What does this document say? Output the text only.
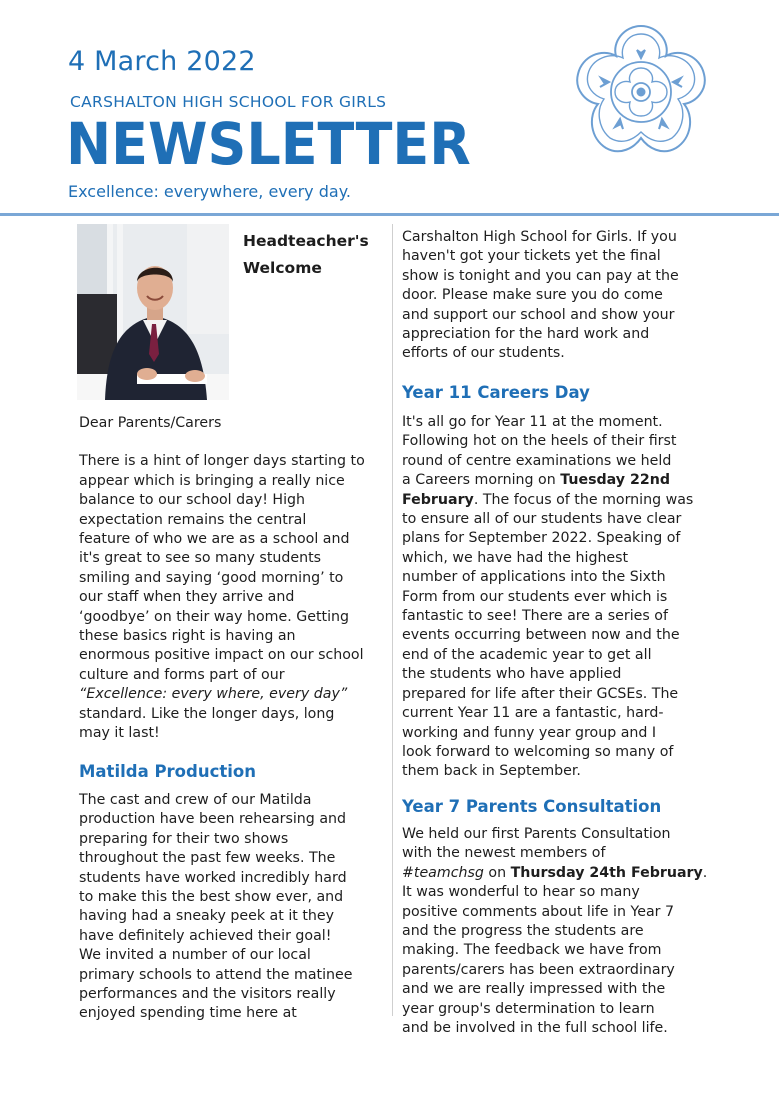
4 March 2022
CARSHALTON HIGH SCHOOL FOR GIRLS
NEWSLETTER
Excellence: everywhere, every day.
Headteacher's
Welcome

Dear Parents/Carers

There is a hint of longer days starting to

appear which is bringing a really nice

balance to our school day! High

expectation remains the central

feature of who we are as a school and

it's great to see so many students

smiling and saying ‘good morning’ to

our staff when they arrive and

‘goodbye’ on their way home. Getting

these basics right is having an

enormous positive impact on our school

culture and forms part of our

“Excellence: every where, every day”

standard. Like the longer days, long

may it last!

Matilda Production

The cast and crew of our Matilda

production have been rehearsing and

preparing for their two shows

throughout the past few weeks. The

students have worked incredibly hard

to make this the best show ever, and

having had a sneaky peek at it they

have definitely achieved their goal!

We invited a number of our local

primary schools to attend the matinee

performances and the visitors really

enjoyed spending time here at

Carshalton High School for Girls. If you

haven't got your tickets yet the final

show is tonight and you can pay at the

door. Please make sure you do come

and support our school and show your

appreciation for the hard work and

efforts of our students.

Year 11 Careers Day

It's all go for Year 11 at the moment.

Following hot on the heels of their first

round of centre examinations we held

a Careers morning on Tuesday 22nd

February. The focus of the morning was

to ensure all of our students have clear

plans for September 2022. Speaking of

which, we have had the highest

number of applications into the Sixth

Form from our students ever which is

fantastic to see! There are a series of

events occurring between now and the

end of the academic year to get all

the students who have applied

prepared for life after their GCSEs. The

current Year 11 are a fantastic, hard-

working and funny year group and I

look forward to welcoming so many of

them back in September.

Year 7 Parents Consultation

We held our first Parents Consultation

with the newest members of

#teamchsg on Thursday 24th February.

It was wonderful to hear so many

positive comments about life in Year 7

and the progress the students are

making. The feedback we have from

parents/carers has been extraordinary

and we are really impressed with the

year group's determination to learn

and be involved in the full school life.
